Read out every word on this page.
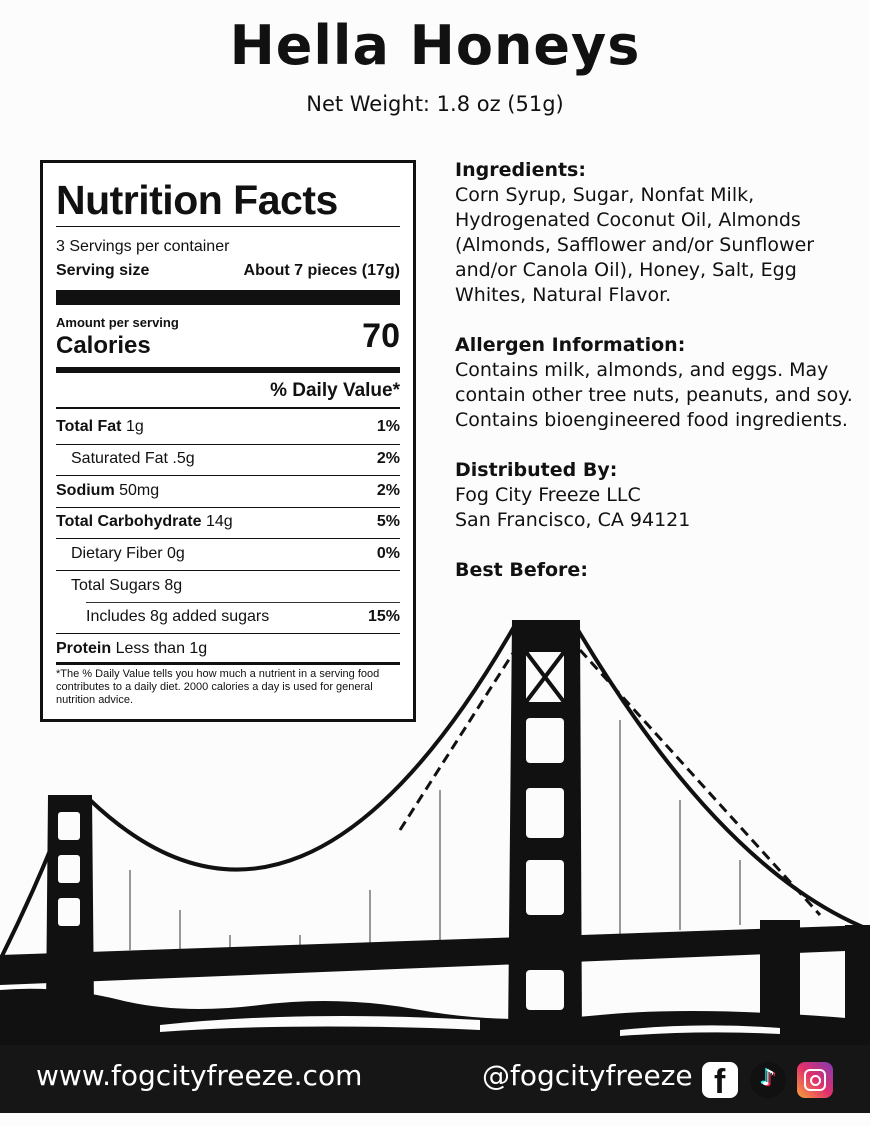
Hella Honeys
Net Weight: 1.8 oz (51g)
Nutrition Facts
3 Servings per container
Serving size	About 7 pieces (17g)
Amount per serving
Calories	70
% Daily Value*
Total Fat 1g	1%
Saturated Fat .5g	2%
Sodium 50mg	2%
Total Carbohydrate 14g	5%
Dietary Fiber 0g	0%
Total Sugars 8g
Includes 8g added sugars	15%
Protein Less than 1g
*The % Daily Value tells you how much a nutrient in a serving food contributes to a daily diet. 2000 calories a day is used for general nutrition advice.
Ingredients:
Corn Syrup, Sugar, Nonfat Milk, Hydrogenated Coconut Oil, Almonds (Almonds, Safflower and/or Sunflower and/or Canola Oil), Honey, Salt, Egg Whites, Natural Flavor.
Allergen Information:
Contains milk, almonds, and eggs. May contain other tree nuts, peanuts, and soy. Contains bioengineered food ingredients.
Distributed By:
Fog City Freeze LLC
San Francisco, CA 94121
Best Before:
www.fogcityfreeze.com	@fogcityfreeze f ♪
